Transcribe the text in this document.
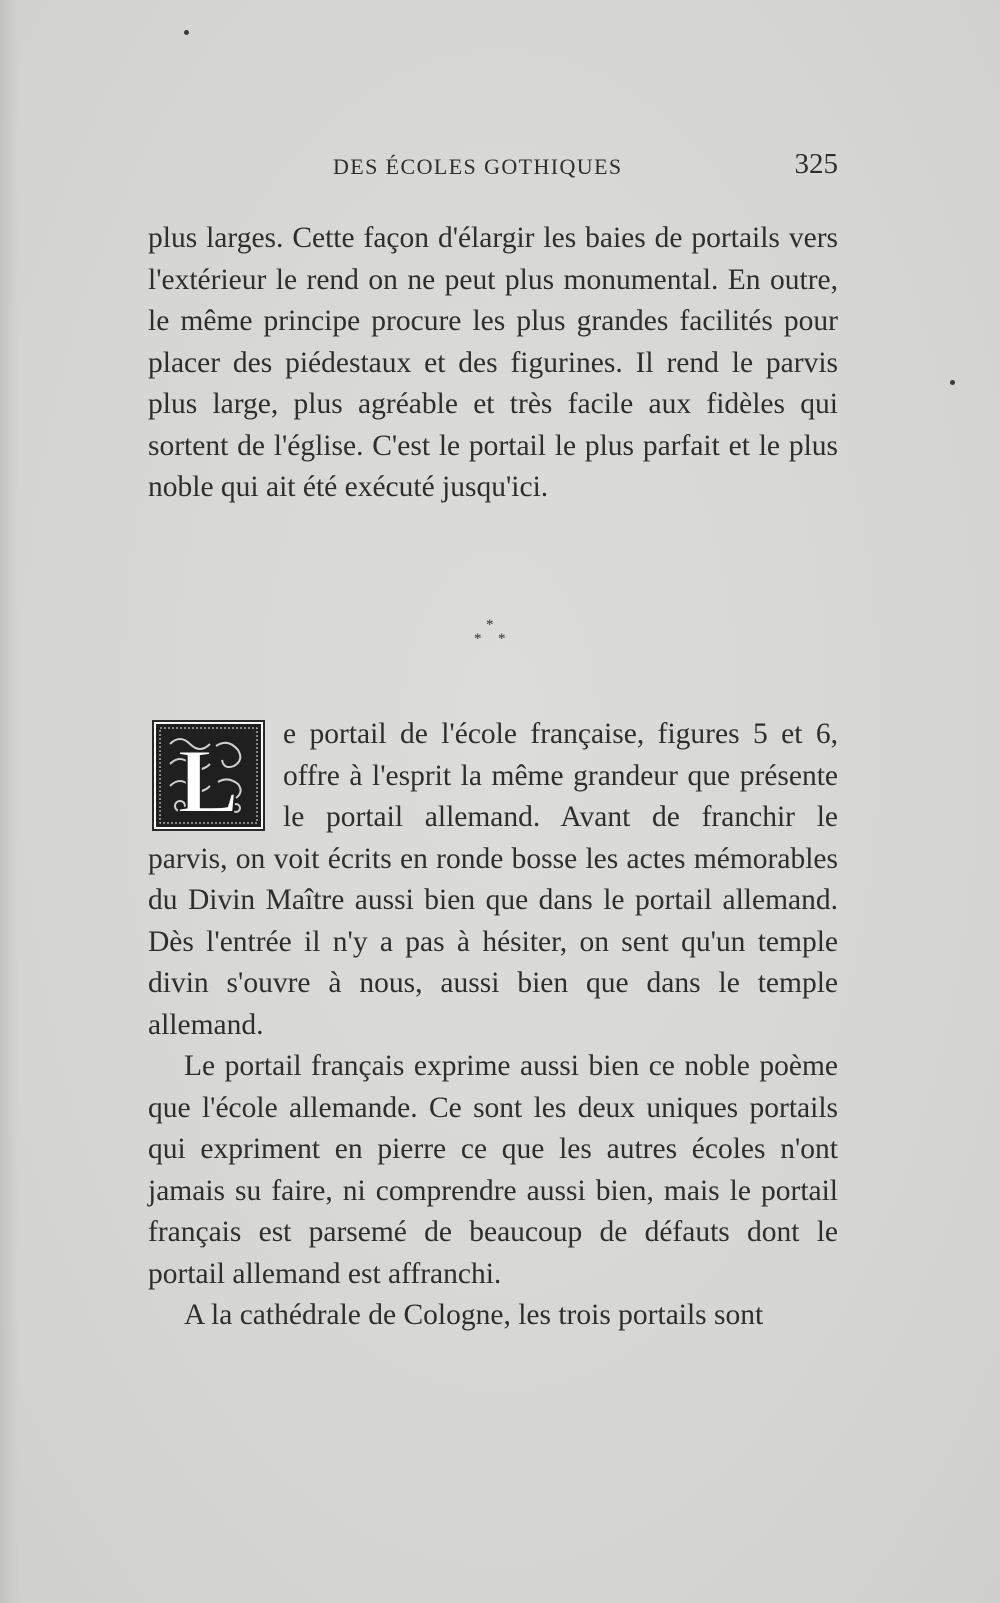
DES ÉCOLES GOTHIQUES	325

plus larges. Cette façon d'élargir les baies de portails vers l'extérieur le rend on ne peut plus monumental. En outre, le même principe procure les plus grandes facilités pour placer des piédestaux et des figurines. Il rend le parvis plus large, plus agréable et très facile aux fidèles qui sortent de l'église. C'est le portail le plus parfait et le plus noble qui ait été exécuté jusqu'ici.

*
* *
L	e portail de l'école française, figures 5 et 6, offre à l'esprit la même grandeur que présente le portail allemand. Avant de franchir le parvis, on voit écrits en ronde bosse les actes mémorables du Divin Maître aussi bien que dans le portail allemand. Dès l'entrée il n'y a pas à hésiter, on sent qu'un temple divin s'ouvre à nous, aussi bien que dans le temple allemand.

Le portail français exprime aussi bien ce noble poème que l'école allemande. Ce sont les deux uniques portails qui expriment en pierre ce que les autres écoles n'ont jamais su faire, ni comprendre aussi bien, mais le portail français est parsemé de beaucoup de défauts dont le portail allemand est affranchi.

A la cathédrale de Cologne, les trois portails sont
